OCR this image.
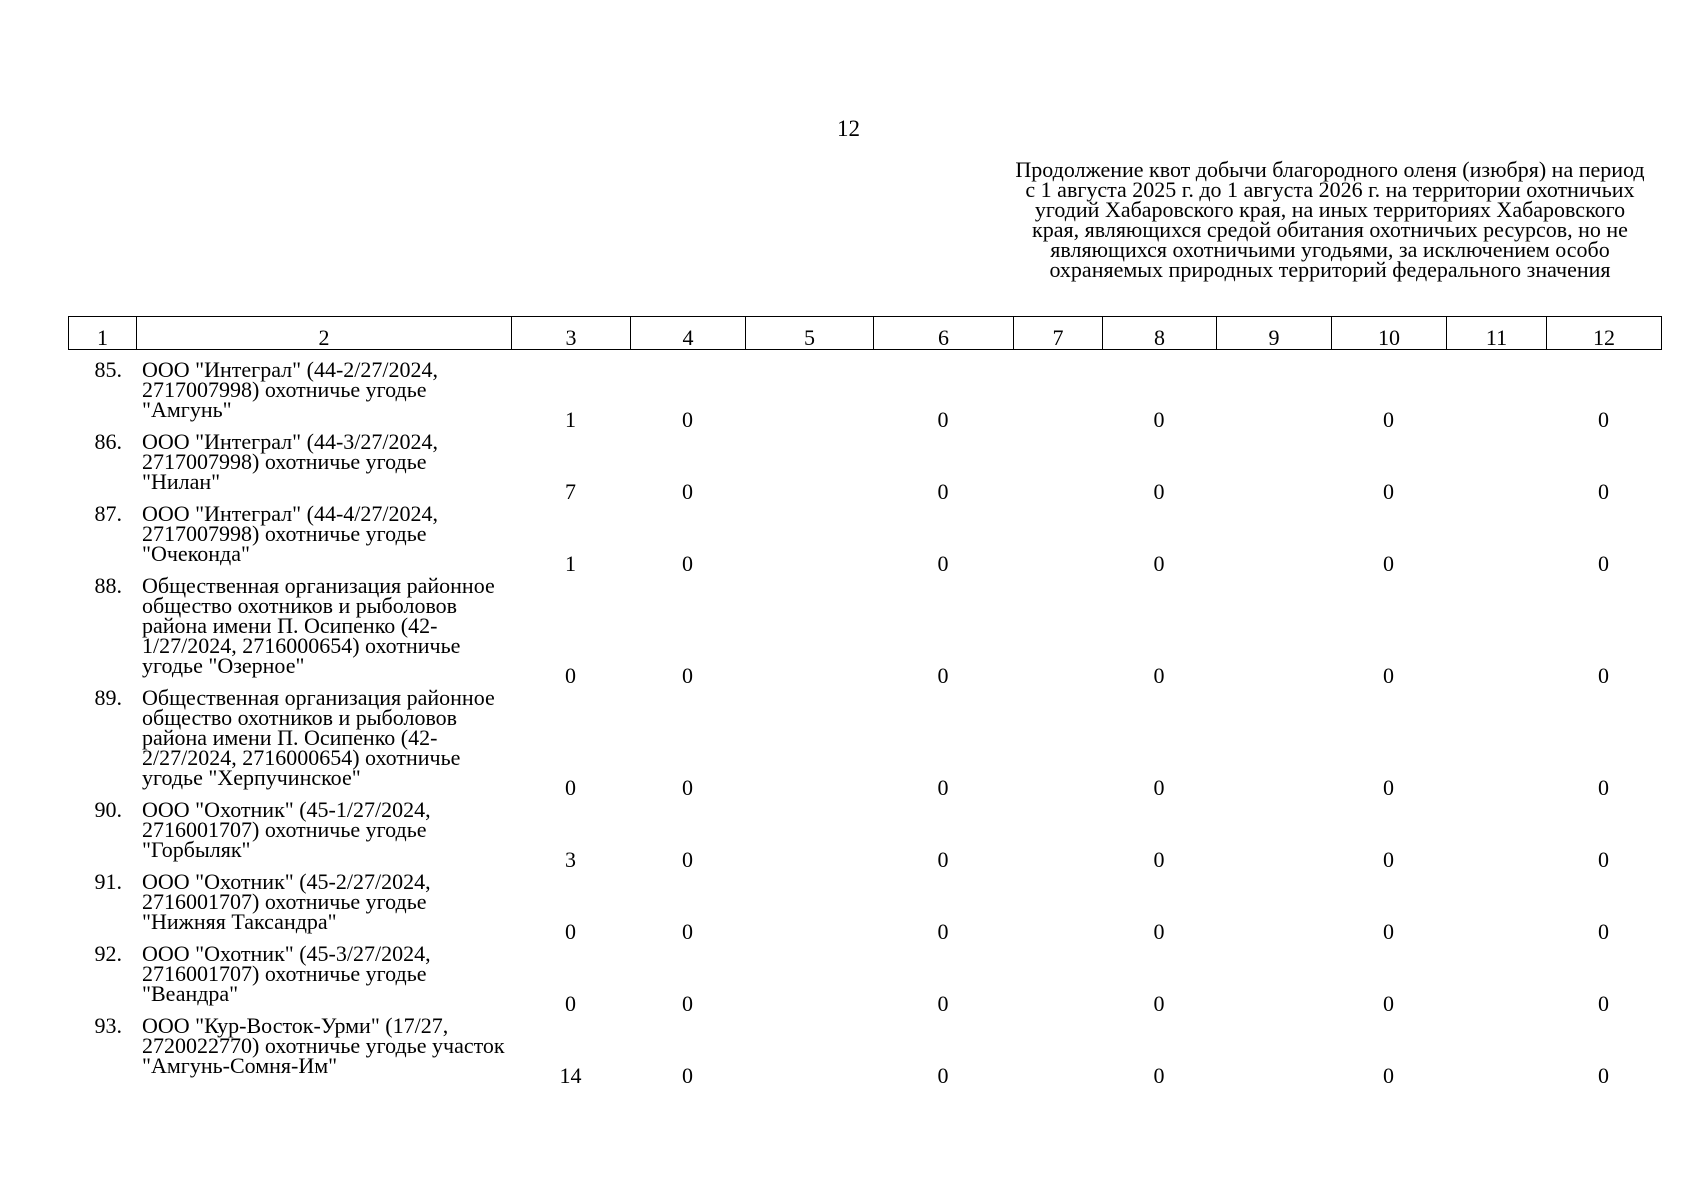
12
Продолжение квот добычи благородного оленя (изюбря) на период с 1 августа 2025 г. до 1 августа 2026 г. на территории охотничьих угодий Хабаровского края, на иных территориях Хабаровского края, являющихся средой обитания охотничьих ресурсов, но не являющихся охотничьими угодьями, за исключением особо охраняемых природных территорий федерального значения
1	2	3	4	5	6	7	8	9	10	11	12
85.	ООО "Интеграл" (44-2/27/2024, 2717007998) охотничье угодье "Амгунь"	1	0		0		0		0		0
86.	ООО "Интеграл" (44-3/27/2024, 2717007998) охотничье угодье "Нилан"	7	0		0		0		0		0
87.	ООО "Интеграл" (44-4/27/2024, 2717007998) охотничье угодье "Очеконда"	1	0		0		0		0		0
88.	Общественная организация районное общество охотников и рыболовов района имени П. Осипенко (42-1/27/2024, 2716000654) охотничье угодье "Озерное"	0	0		0		0		0		0
89.	Общественная организация районное общество охотников и рыболовов района имени П. Осипенко (42-2/27/2024, 2716000654) охотничье угодье "Херпучинское"	0	0		0		0		0		0
90.	ООО "Охотник" (45-1/27/2024, 2716001707) охотничье угодье "Горбыляк"	3	0		0		0		0		0
91.	ООО "Охотник" (45-2/27/2024, 2716001707) охотничье угодье "Нижняя Таксандра"	0	0		0		0		0		0
92.	ООО "Охотник" (45-3/27/2024, 2716001707) охотничье угодье "Веандра"	0	0		0		0		0		0
93.	ООО "Кур-Восток-Урми" (17/27, 2720022770) охотничье угодье участок "Амгунь-Сомня-Им"	14	0		0		0		0		0
